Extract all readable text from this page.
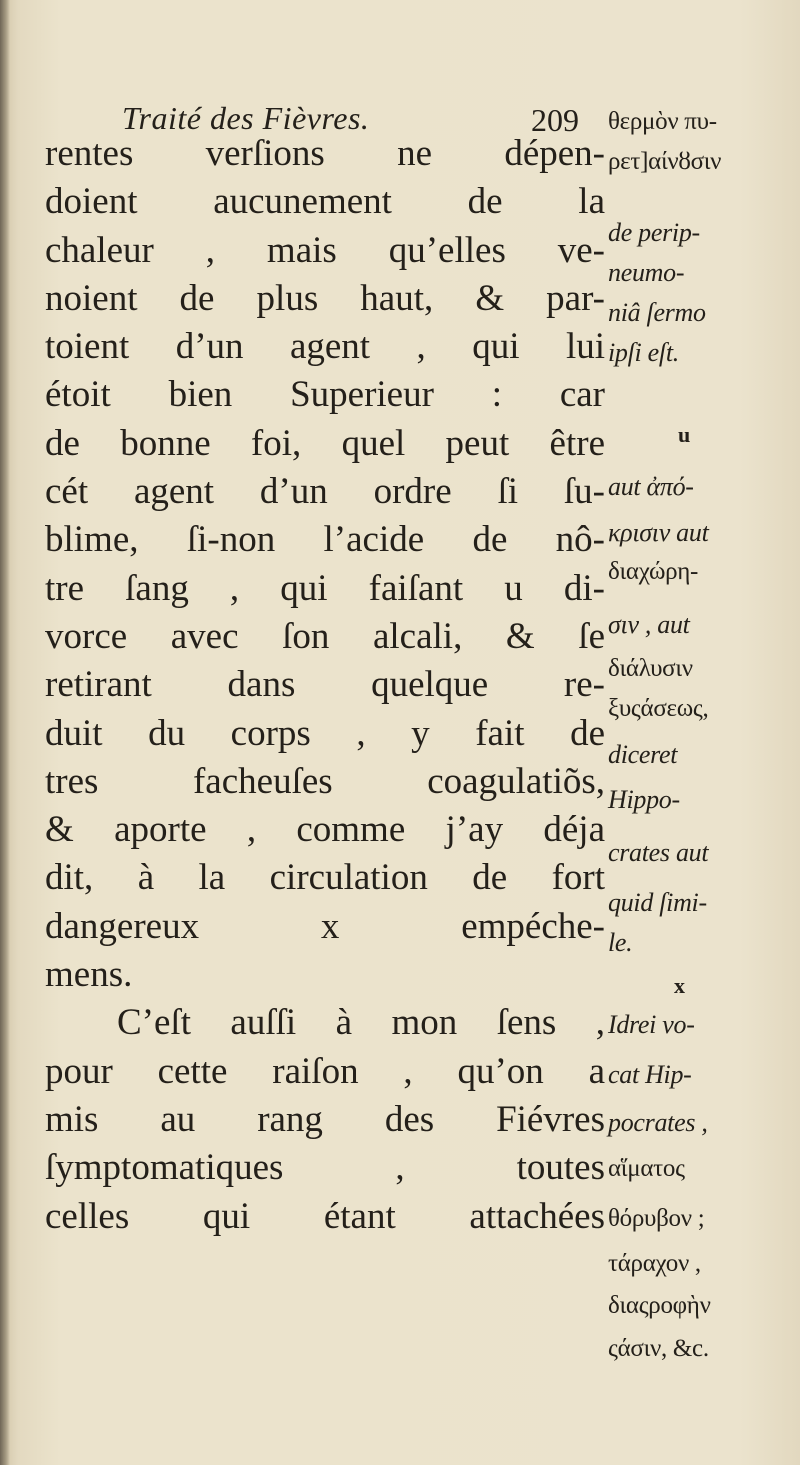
Traité des Fièvres.	209
rentes verſions ne dépen-
doient aucunement de la
chaleur , mais qu’elles ve-
noient de plus haut, & par-
toient d’un agent , qui lui
étoit bien Superieur : car
de bonne foi, quel peut être
cét agent d’un ordre ſi ſu-
blime, ſi-non l’acide de nô-
tre ſang , qui faiſant u di-
vorce avec ſon alcali, & ſe
retirant dans quelque re-
duit du corps , y fait de
tres facheuſes coagulatiõs,
& aporte , comme j’ay déja
dit, à la circulation de fort
dangereux x empéche-
mens.
C’eſt auſſi à mon ſens ,
pour cette raiſon , qu’on a
mis au rang des Fiévres
ſymptomatiques , toutes
celles qui étant attachées
θερμὸν πυ-
ρετ]αίνȣσιν
de perip-
neumo-
niâ ſermo
ipſi eſt.
u
aut ἀπό-
κρισιν aut
διαχώρη-
σιν , aut
διάλυσιν
ξυςάσεως,
diceret
Hippo-
crates aut
quid ſimi-
le.
x
Idrei vo-
cat Hip-
pocrates ,
αἵματος
θόρυβον ;
τάραχον ,
διαςροφὴν
ςάσιν, &c.
